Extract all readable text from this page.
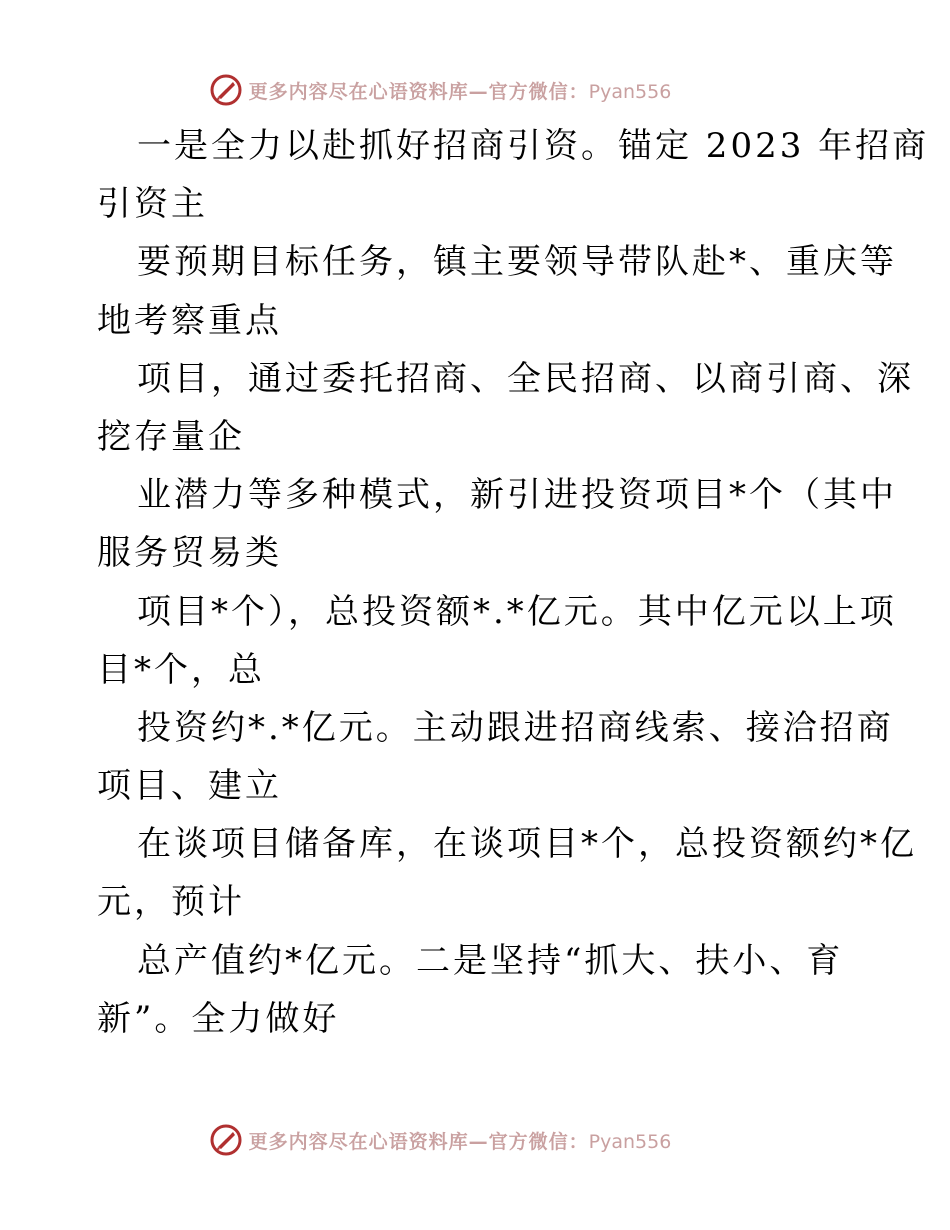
更多内容尽在心语资料库—官方微信：Pyan556
一是全力以赴抓好招商引资。锚定 2023 年招商
引资主
要预期目标任务，镇主要领导带队赴*、重庆等
地考察重点
项目，通过委托招商、全民招商、以商引商、深
挖存量企
业潜力等多种模式，新引进投资项目*个（其中
服务贸易类
项目*个），总投资额*.*亿元。其中亿元以上项
目*个，总
投资约*.*亿元。主动跟进招商线索、接洽招商
项目、建立
在谈项目储备库，在谈项目*个，总投资额约*亿
元，预计
总产值约*亿元。二是坚持“抓大、扶小、育
新”。全力做好
更多内容尽在心语资料库—官方微信：Pyan556
